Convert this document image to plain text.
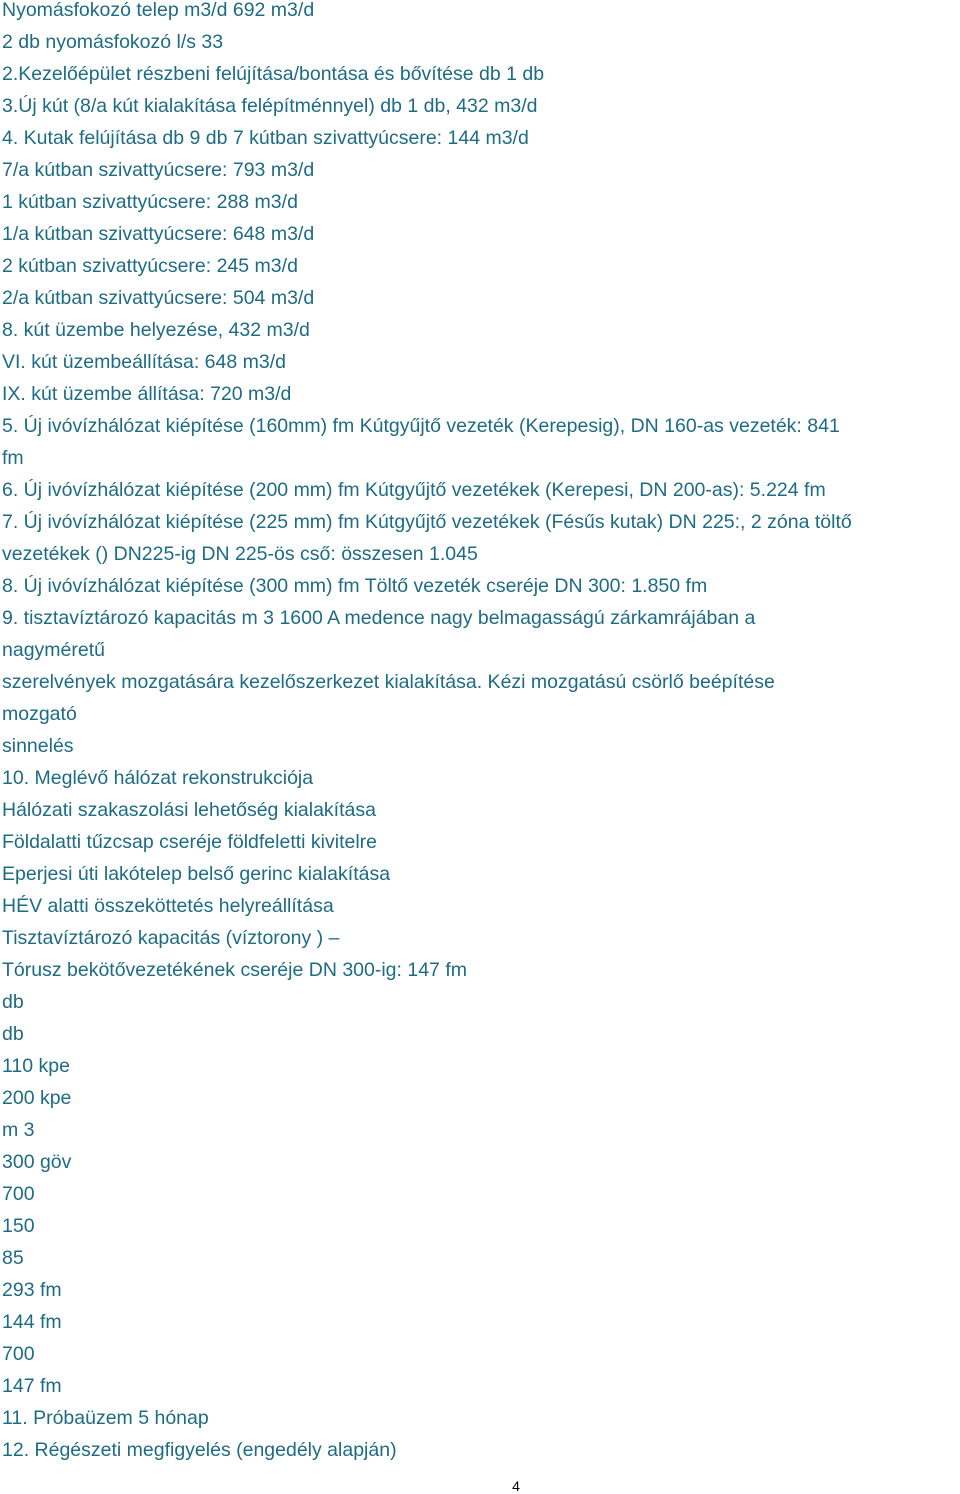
Nyomásfokozó telep m3/d 692 m3/d
2 db nyomásfokozó l/s 33
2.Kezelőépület részbeni felújítása/bontása és bővítése db 1 db
3.Új kút (8/a kút kialakítása felépítménnyel) db 1 db, 432 m3/d
4. Kutak felújítása db 9 db 7 kútban szivattyúcsere: 144 m3/d
7/a kútban szivattyúcsere: 793 m3/d
1 kútban szivattyúcsere: 288 m3/d
1/a kútban szivattyúcsere: 648 m3/d
2 kútban szivattyúcsere: 245 m3/d
2/a kútban szivattyúcsere: 504 m3/d
8. kút üzembe helyezése, 432 m3/d
VI. kút üzembeállítása: 648 m3/d
IX. kút üzembe állítása: 720 m3/d
5. Új ivóvízhálózat kiépítése (160mm) fm Kútgyűjtő vezeték (Kerepesig), DN 160-as vezeték: 841
fm
6. Új ivóvízhálózat kiépítése (200 mm) fm Kútgyűjtő vezetékek (Kerepesi, DN 200-as): 5.224 fm
7. Új ivóvízhálózat kiépítése (225 mm) fm Kútgyűjtő vezetékek (Fésűs kutak) DN 225:, 2 zóna töltő
vezetékek () DN225-ig DN 225-ös cső: összesen 1.045
8. Új ivóvízhálózat kiépítése (300 mm) fm Töltő vezeték cseréje DN 300: 1.850 fm
9. tisztavíztározó kapacitás m 3 1600 A medence nagy belmagasságú zárkamrájában a
nagyméretű
szerelvények mozgatására kezelőszerkezet kialakítása. Kézi mozgatású csörlő beépítése
mozgató
sinnelés
10. Meglévő hálózat rekonstrukciója
Hálózati szakaszolási lehetőség kialakítása
Földalatti tűzcsap cseréje földfeletti kivitelre
Eperjesi úti lakótelep belső gerinc kialakítása
HÉV alatti összeköttetés helyreállítása
Tisztavíztározó kapacitás (víztorony ) –
Tórusz bekötővezetékének cseréje DN 300-ig: 147 fm
db
db
110 kpe
200 kpe
m 3
300 göv
700
150
85
293 fm
144 fm
700
147 fm
11. Próbaüzem 5 hónap
12. Régészeti megfigyelés (engedély alapján)
4
